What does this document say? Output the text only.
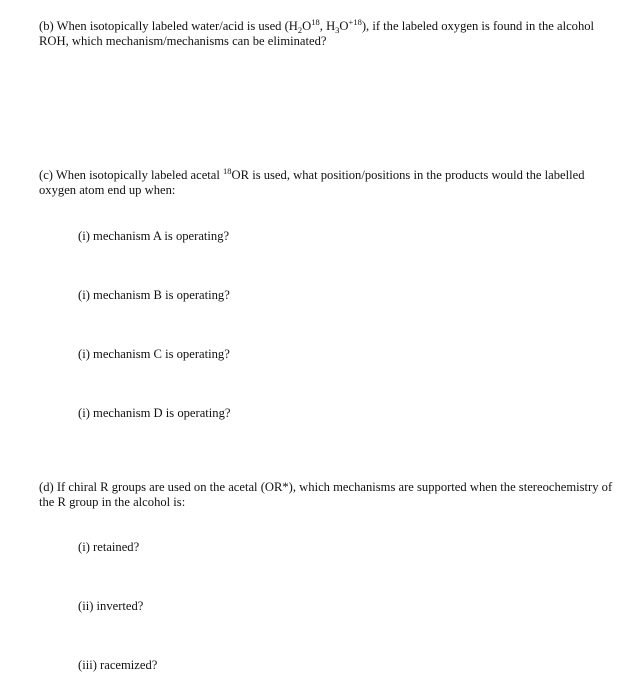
(b) When isotopically labeled water/acid is used ($H_2O^{18}$, $H_3O^{+18}$), if the labeled oxygen is found in the alcohol ROH, which mechanism/mechanisms can be eliminated?
(c) When isotopically labeled acetal $^{18}$OR is used, what position/positions in the products would the labelled oxygen atom end up when:
(i) mechanism A is operating?
(i) mechanism B is operating?
(i) mechanism C is operating?
(i) mechanism D is operating?
(d) If chiral R groups are used on the acetal (OR*), which mechanisms are supported when the stereochemistry of the R group in the alcohol is:
(i) retained?
(ii) inverted?
(iii) racemized?
